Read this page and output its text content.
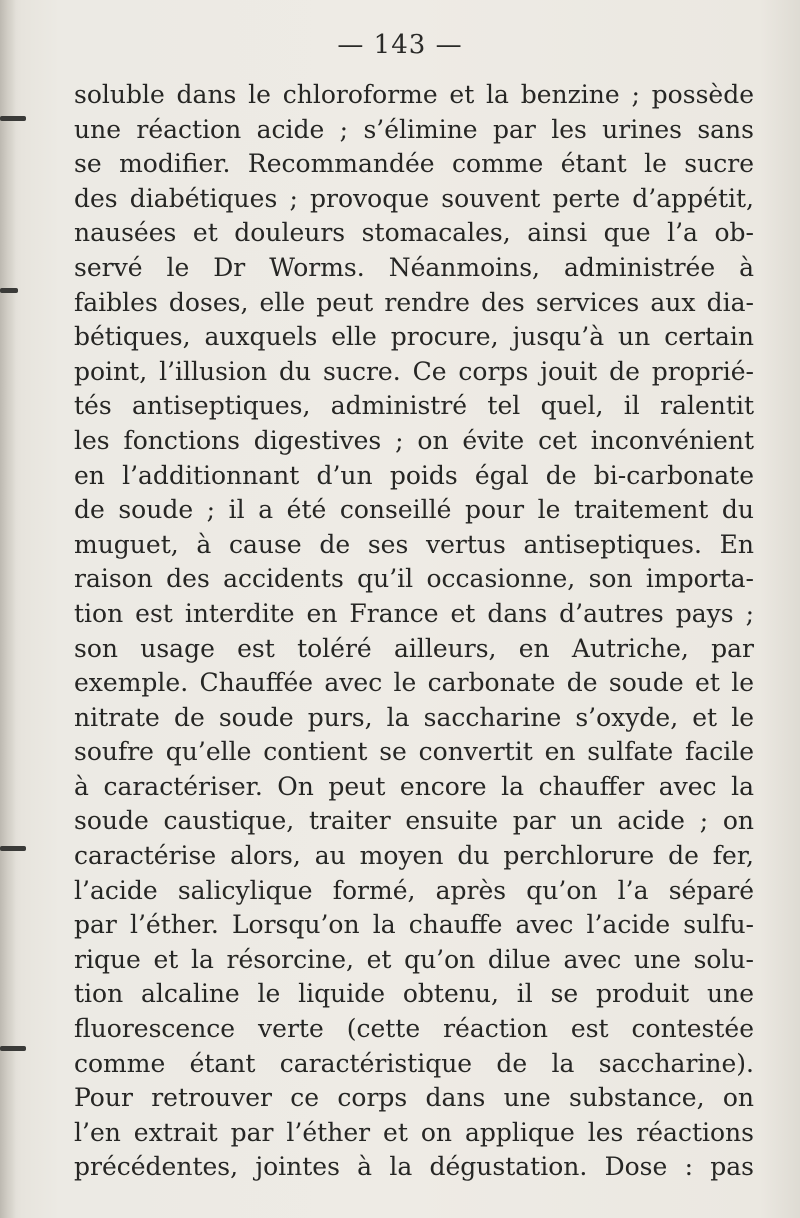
— 143 —
soluble dans le chloroforme et la benzine ; possède
une réaction acide ; s’élimine par les urines sans
se modifier. Recommandée comme étant le sucre
des diabétiques ; provoque souvent perte d’appétit,
nausées et douleurs stomacales, ainsi que l’a ob-
servé le Dr Worms. Néanmoins, administrée à
faibles doses, elle peut rendre des services aux dia-
bétiques, auxquels elle procure, jusqu’à un certain
point, l’illusion du sucre. Ce corps jouit de proprié-
tés antiseptiques, administré tel quel, il ralentit
les fonctions digestives ; on évite cet inconvénient
en l’additionnant d’un poids égal de bi-carbonate
de soude ; il a été conseillé pour le traitement du
muguet, à cause de ses vertus antiseptiques. En
raison des accidents qu’il occasionne, son importa-
tion est interdite en France et dans d’autres pays ;
son usage est toléré ailleurs, en Autriche, par
exemple. Chauffée avec le carbonate de soude et le
nitrate de soude purs, la saccharine s’oxyde, et le
soufre qu’elle contient se convertit en sulfate facile
à caractériser. On peut encore la chauffer avec la
soude caustique, traiter ensuite par un acide ; on
caractérise alors, au moyen du perchlorure de fer,
l’acide salicylique formé, après qu’on l’a séparé
par l’éther. Lorsqu’on la chauffe avec l’acide sulfu-
rique et la résorcine, et qu’on dilue avec une solu-
tion alcaline le liquide obtenu, il se produit une
fluorescence verte (cette réaction est contestée
comme étant caractéristique de la saccharine).
Pour retrouver ce corps dans une substance, on
l’en extrait par l’éther et on applique les réactions
précédentes, jointes à la dégustation. Dose : pas
